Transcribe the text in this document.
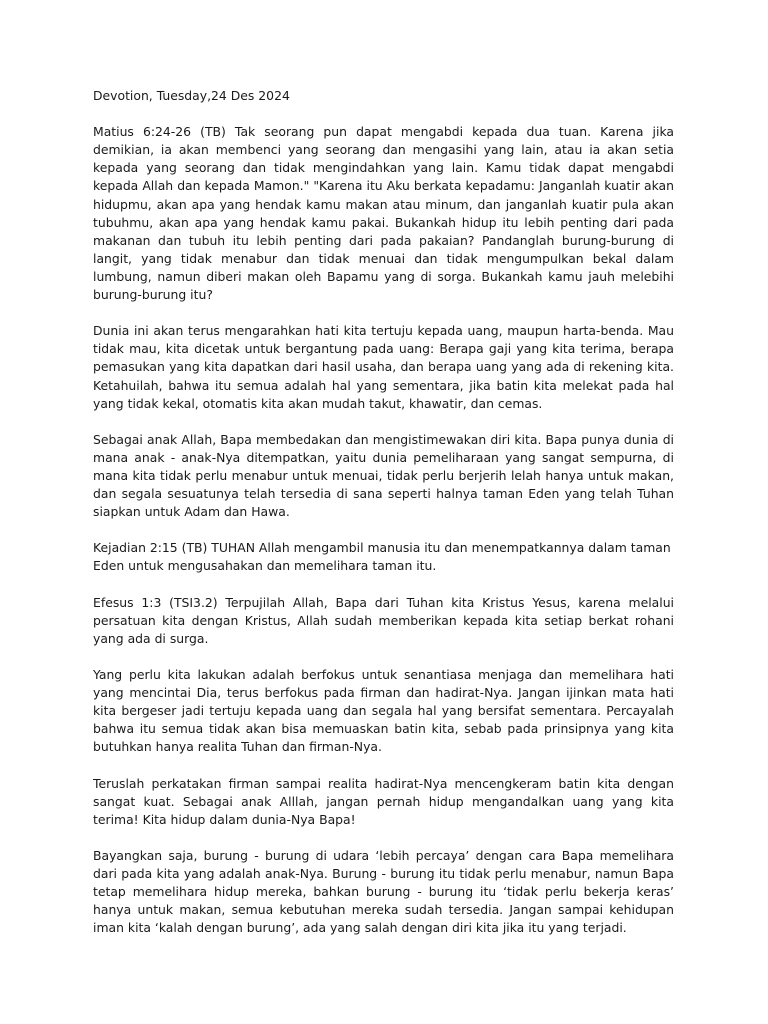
Devotion, Tuesday,24 Des 2024

Matius 6:24-26 (TB) Tak seorang pun dapat mengabdi kepada dua tuan. Karena jika demikian, ia akan membenci yang seorang dan mengasihi yang lain, atau ia akan setia kepada yang seorang dan tidak mengindahkan yang lain. Kamu tidak dapat mengabdi kepada Allah dan kepada Mamon." "Karena itu Aku berkata kepadamu: Janganlah kuatir akan hidupmu, akan apa yang hendak kamu makan atau minum, dan janganlah kuatir pula akan tubuhmu, akan apa yang hendak kamu pakai. Bukankah hidup itu lebih penting dari pada makanan dan tubuh itu lebih penting dari pada pakaian? Pandanglah burung-burung di langit, yang tidak menabur dan tidak menuai dan tidak mengumpulkan bekal dalam lumbung, namun diberi makan oleh Bapamu yang di sorga. Bukankah kamu jauh melebihi burung-burung itu?

Dunia ini akan terus mengarahkan hati kita tertuju kepada uang, maupun harta-benda. Mau tidak mau, kita dicetak untuk bergantung pada uang: Berapa gaji yang kita terima, berapa pemasukan yang kita dapatkan dari hasil usaha, dan berapa uang yang ada di rekening kita. Ketahuilah, bahwa itu semua adalah hal yang sementara, jika batin kita melekat pada hal yang tidak kekal, otomatis kita akan mudah takut, khawatir, dan cemas.

Sebagai anak Allah, Bapa membedakan dan mengistimewakan diri kita. Bapa punya dunia di mana anak - anak-Nya ditempatkan, yaitu dunia pemeliharaan yang sangat sempurna, di mana kita tidak perlu menabur untuk menuai, tidak perlu berjerih lelah hanya untuk makan, dan segala sesuatunya telah tersedia di sana seperti halnya taman Eden yang telah Tuhan siapkan untuk Adam dan Hawa.

Kejadian 2:15 (TB) TUHAN Allah mengambil manusia itu dan menempatkannya dalam taman Eden untuk mengusahakan dan memelihara taman itu.

Efesus 1:3 (TSI3.2) Terpujilah Allah, Bapa dari Tuhan kita Kristus Yesus, karena melalui persatuan kita dengan Kristus, Allah sudah memberikan kepada kita setiap berkat rohani yang ada di surga.

Yang perlu kita lakukan adalah berfokus untuk senantiasa menjaga dan memelihara hati yang mencintai Dia, terus berfokus pada firman dan hadirat-Nya. Jangan ijinkan mata hati kita bergeser jadi tertuju kepada uang dan segala hal yang bersifat sementara. Percayalah bahwa itu semua tidak akan bisa memuaskan batin kita, sebab pada prinsipnya yang kita butuhkan hanya realita Tuhan dan firman-Nya.

Teruslah perkatakan firman sampai realita hadirat-Nya mencengkeram batin kita dengan sangat kuat. Sebagai anak Alllah, jangan pernah hidup mengandalkan uang yang kita terima! Kita hidup dalam dunia-Nya Bapa!

Bayangkan saja, burung - burung di udara ‘lebih percaya’ dengan cara Bapa memelihara dari pada kita yang adalah anak-Nya. Burung - burung itu tidak perlu menabur, namun Bapa tetap memelihara hidup mereka, bahkan burung - burung itu ‘tidak perlu bekerja keras’ hanya untuk makan, semua kebutuhan mereka sudah tersedia. Jangan sampai kehidupan iman kita ‘kalah dengan burung’, ada yang salah dengan diri kita jika itu yang terjadi.
